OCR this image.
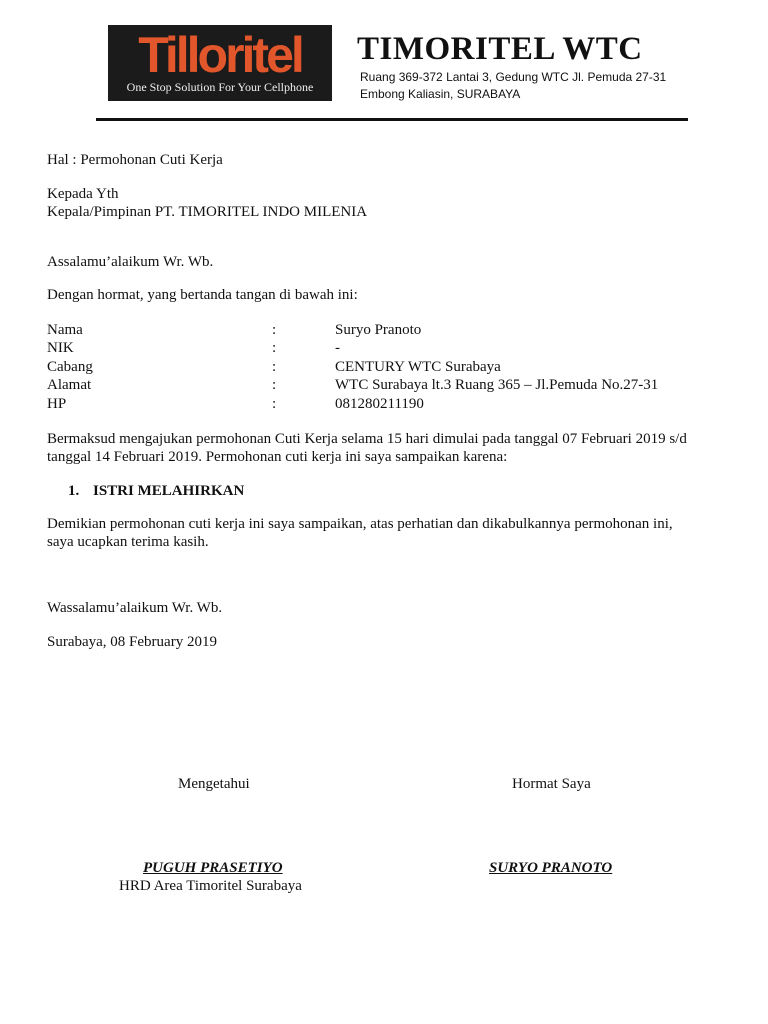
Tilloritel
One Stop Solution For Your Cellphone
TIMORITEL WTC
Ruang 369-372 Lantai 3, Gedung WTC Jl. Pemuda 27-31
Embong Kaliasin, SURABAYA
Hal : Permohonan Cuti Kerja
Kepada Yth
Kepala/Pimpinan PT. TIMORITEL INDO MILENIA
Assalamu’alaikum Wr. Wb.
Dengan hormat, yang bertanda tangan di bawah ini:
Nama	:	Suryo Pranoto
NIK	:	-
Cabang	:	CENTURY WTC Surabaya
Alamat	:	WTC Surabaya lt.3 Ruang 365 – Jl.Pemuda No.27-31
HP	:	081280211190
Bermaksud mengajukan permohonan Cuti Kerja selama 15 hari dimulai pada tanggal 07 Februari 2019 s/d
tanggal 14 Februari 2019. Permohonan cuti kerja ini saya sampaikan karena:
1. ISTRI MELAHIRKAN
Demikian permohonan cuti kerja ini saya sampaikan, atas perhatian dan dikabulkannya permohonan ini,
saya ucapkan terima kasih.
Wassalamu’alaikum Wr. Wb.
Surabaya, 08 February 2019
Mengetahui	Hormat Saya
PUGUH PRASETIYO	SURYO PRANOTO
HRD Area Timoritel Surabaya
